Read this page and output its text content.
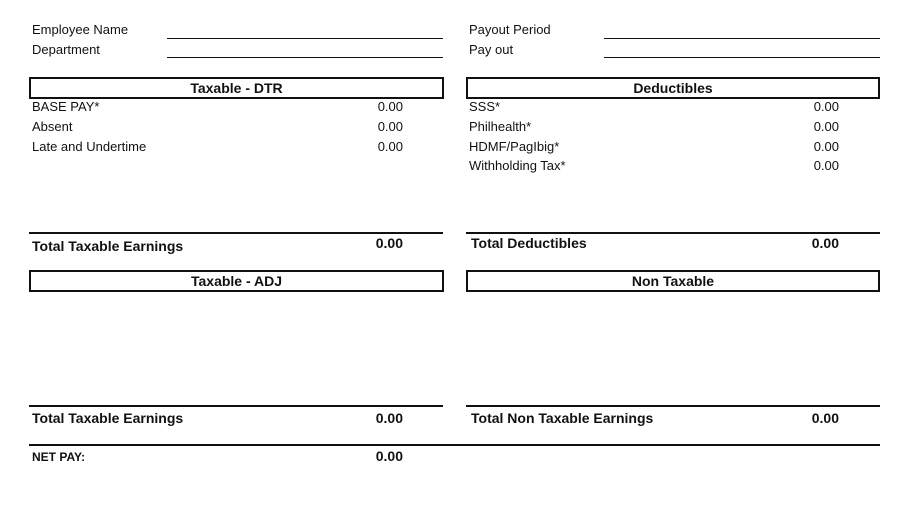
Employee Name
Department
Payout Period
Pay out
Taxable - DTR
BASE PAY*	0.00
Absent	0.00
Late and Undertime	0.00
Total Taxable Earnings	0.00
Deductibles
SSS*	0.00
Philhealth*	0.00
HDMF/PagIbig*	0.00
Withholding Tax*	0.00
Total Deductibles	0.00
Taxable - ADJ
Total Taxable Earnings	0.00
Non Taxable
Total Non Taxable Earnings	0.00
NET PAY:	0.00
